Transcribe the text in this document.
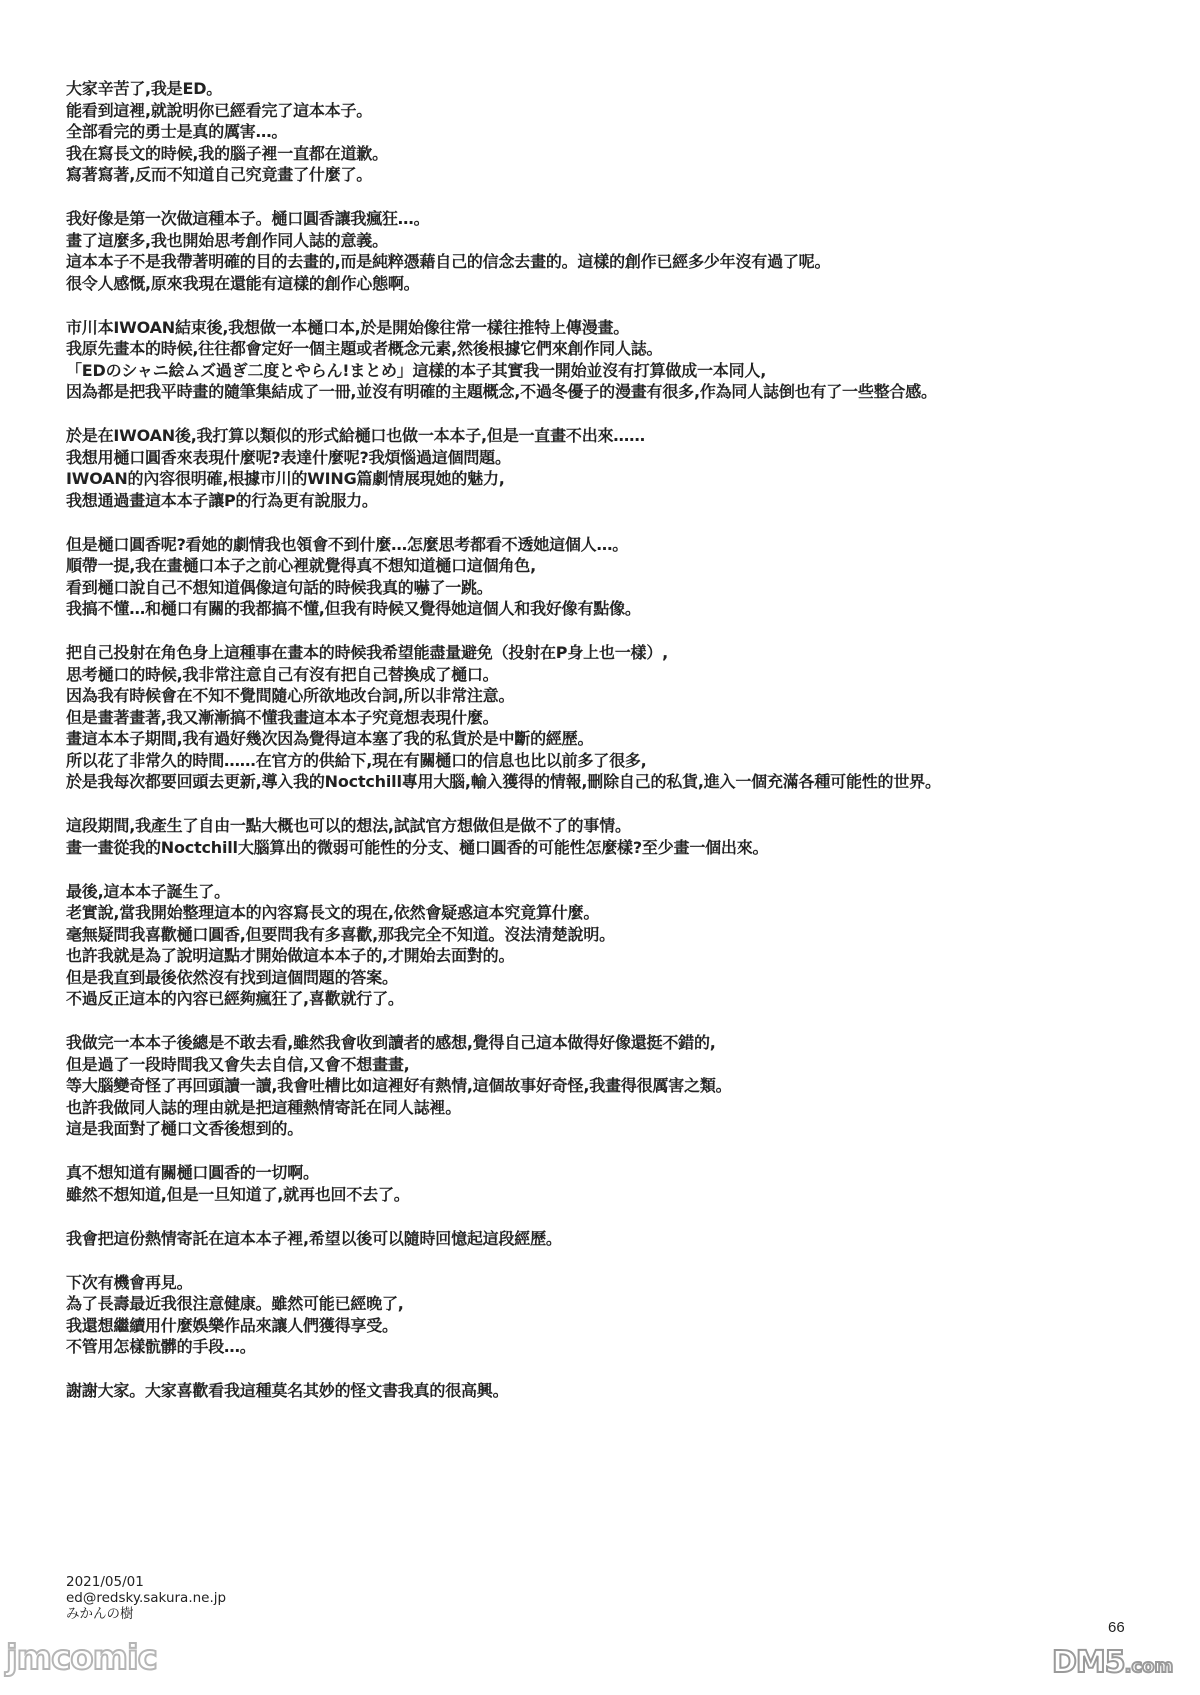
大家辛苦了,我是ED。
能看到這裡,就說明你已經看完了這本本子。
全部看完的勇士是真的厲害…。
我在寫長文的時候,我的腦子裡一直都在道歉。
寫著寫著,反而不知道自己究竟畫了什麼了。
我好像是第一次做這種本子。樋口圓香讓我瘋狂…。
畫了這麼多,我也開始思考創作同人誌的意義。
這本本子不是我帶著明確的目的去畫的,而是純粹憑藉自己的信念去畫的。這樣的創作已經多少年沒有過了呢。
很令人感慨,原來我現在還能有這樣的創作心態啊。
市川本IWOAN結束後,我想做一本樋口本,於是開始像往常一樣往推特上傳漫畫。
我原先畫本的時候,往往都會定好一個主題或者概念元素,然後根據它們來創作同人誌。
「EDのシャニ絵ムズ過ぎ二度とやらん!まとめ」這樣的本子其實我一開始並沒有打算做成一本同人,
因為都是把我平時畫的隨筆集結成了一冊,並沒有明確的主題概念,不過冬優子的漫畫有很多,作為同人誌倒也有了一些整合感。
於是在IWOAN後,我打算以類似的形式給樋口也做一本本子,但是一直畫不出來……
我想用樋口圓香來表現什麼呢?表達什麼呢?我煩惱過這個問題。
IWOAN的內容很明確,根據市川的WING篇劇情展現她的魅力,
我想通過畫這本本子讓P的行為更有說服力。
但是樋口圓香呢?看她的劇情我也領會不到什麼…怎麼思考都看不透她這個人…。
順帶一提,我在畫樋口本子之前心裡就覺得真不想知道樋口這個角色,
看到樋口說自己不想知道偶像這句話的時候我真的嚇了一跳。
我搞不懂…和樋口有關的我都搞不懂,但我有時候又覺得她這個人和我好像有點像。
把自己投射在角色身上這種事在畫本的時候我希望能盡量避免（投射在P身上也一樣）,
思考樋口的時候,我非常注意自己有沒有把自己替換成了樋口。
因為我有時候會在不知不覺間隨心所欲地改台詞,所以非常注意。
但是畫著畫著,我又漸漸搞不懂我畫這本本子究竟想表現什麼。
畫這本本子期間,我有過好幾次因為覺得這本塞了我的私貨於是中斷的經歷。
所以花了非常久的時間……在官方的供給下,現在有關樋口的信息也比以前多了很多,
於是我每次都要回頭去更新,導入我的Noctchill專用大腦,輸入獲得的情報,刪除自己的私貨,進入一個充滿各種可能性的世界。
這段期間,我產生了自由一點大概也可以的想法,試試官方想做但是做不了的事情。
畫一畫從我的Noctchill大腦算出的微弱可能性的分支、樋口圓香的可能性怎麼樣?至少畫一個出來。
最後,這本本子誕生了。
老實說,當我開始整理這本的內容寫長文的現在,依然會疑惑這本究竟算什麼。
毫無疑問我喜歡樋口圓香,但要問我有多喜歡,那我完全不知道。沒法清楚說明。
也許我就是為了說明這點才開始做這本本子的,才開始去面對的。
但是我直到最後依然沒有找到這個問題的答案。
不過反正這本的內容已經夠瘋狂了,喜歡就行了。
我做完一本本子後總是不敢去看,雖然我會收到讀者的感想,覺得自己這本做得好像還挺不錯的,
但是過了一段時間我又會失去自信,又會不想畫畫,
等大腦變奇怪了再回頭讀一讀,我會吐槽比如這裡好有熱情,這個故事好奇怪,我畫得很厲害之類。
也許我做同人誌的理由就是把這種熱情寄託在同人誌裡。
這是我面對了樋口文香後想到的。
真不想知道有關樋口圓香的一切啊。
雖然不想知道,但是一旦知道了,就再也回不去了。
我會把這份熱情寄託在這本本子裡,希望以後可以隨時回憶起這段經歷。
下次有機會再見。
為了長壽最近我很注意健康。雖然可能已經晚了,
我還想繼續用什麼娛樂作品來讓人們獲得享受。
不管用怎樣骯髒的手段…。
謝謝大家。大家喜歡看我這種莫名其妙的怪文書我真的很高興。
2021/05/01
ed@redsky.sakura.ne.jp
みかんの樹
66
jmcomic	DM5.com
